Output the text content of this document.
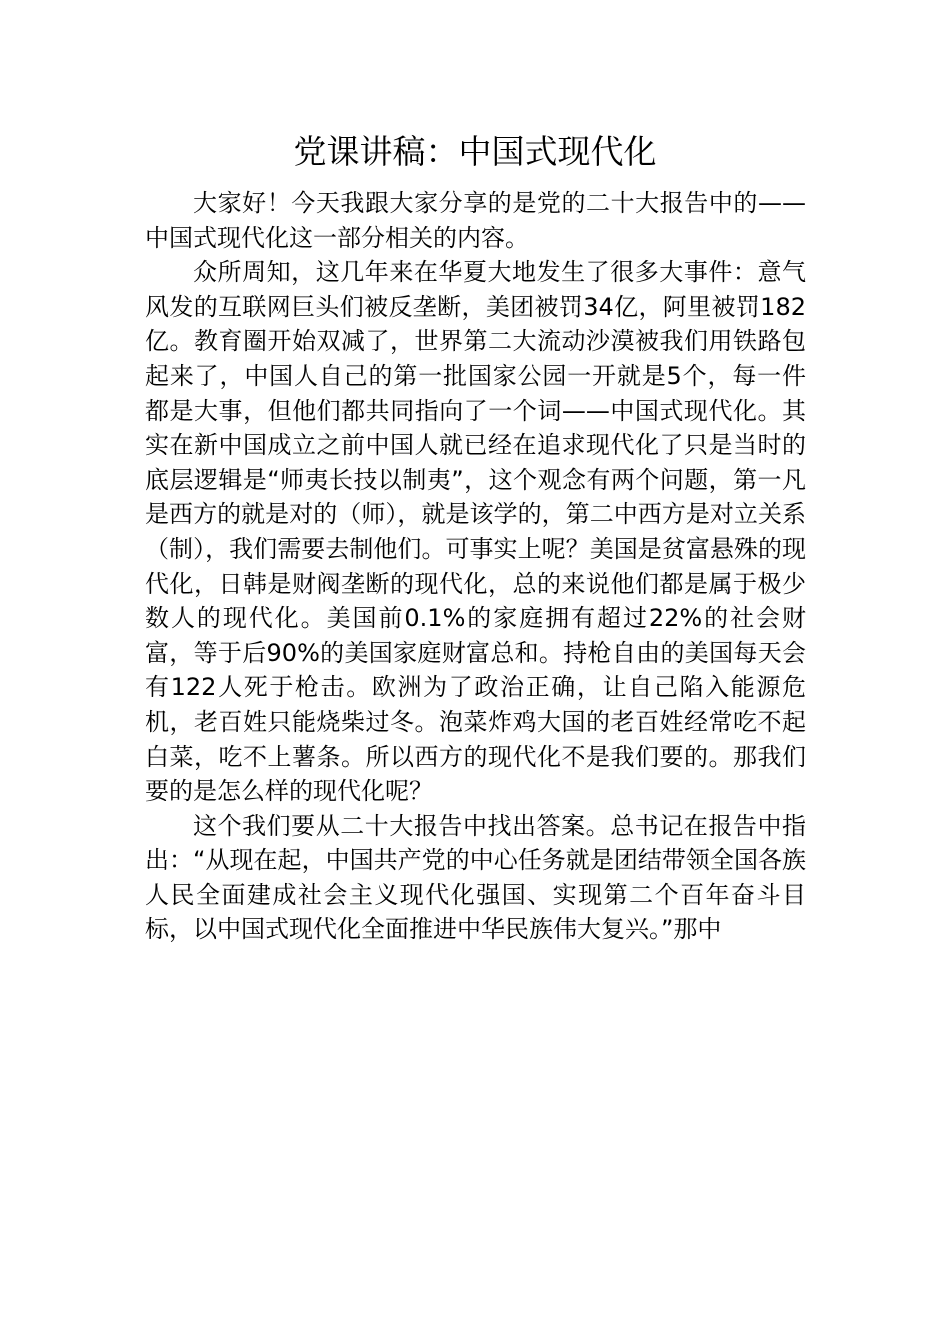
党课讲稿：中国式现代化

大家好！今天我跟大家分享的是党的二十大报告中的——中国式现代化这一部分相关的内容。

众所周知，这几年来在华夏大地发生了很多大事件：意气风发的互联网巨头们被反垄断，美团被罚34亿，阿里被罚182亿。教育圈开始双减了，世界第二大流动沙漠被我们用铁路包起来了，中国人自己的第一批国家公园一开就是5个，每一件都是大事，但他们都共同指向了一个词——中国式现代化。其实在新中国成立之前中国人就已经在追求现代化了只是当时的底层逻辑是“师夷长技以制夷”，这个观念有两个问题，第一凡是西方的就是对的（师），就是该学的，第二中西方是对立关系（制），我们需要去制他们。可事实上呢？美国是贫富悬殊的现代化，日韩是财阀垄断的现代化，总的来说他们都是属于极少数人的现代化。美国前0.1%的家庭拥有超过22%的社会财富，等于后90%的美国家庭财富总和。持枪自由的美国每天会有122人死于枪击。欧洲为了政治正确，让自己陷入能源危机，老百姓只能烧柴过冬。泡菜炸鸡大国的老百姓经常吃不起白菜，吃不上薯条。所以西方的现代化不是我们要的。那我们要的是怎么样的现代化呢？

这个我们要从二十大报告中找出答案。总书记在报告中指出：“从现在起，中国共产党的中心任务就是团结带领全国各族人民全面建成社会主义现代化强国、实现第二个百年奋斗目标，以中国式现代化全面推进中华民族伟大复兴。”那中
